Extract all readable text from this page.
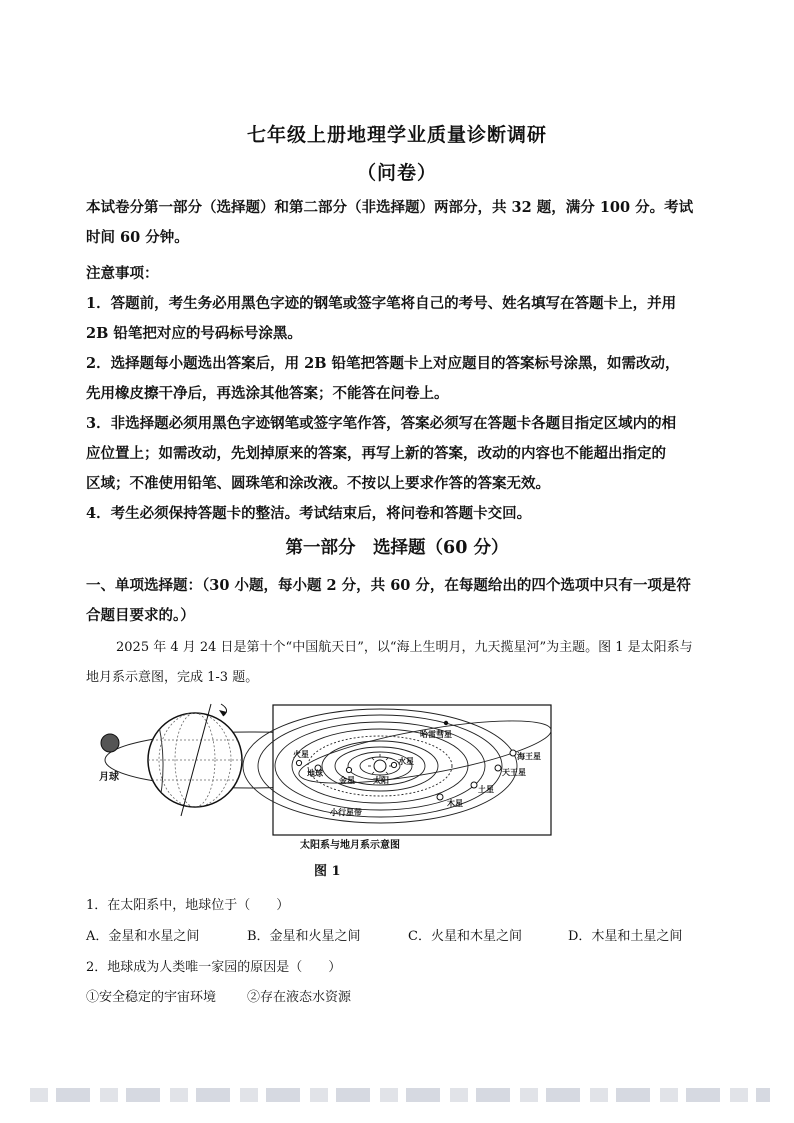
七年级上册地理学业质量诊断调研
（问卷）
本试卷分第一部分（选择题）和第二部分（非选择题）两部分，共 32 题，满分 100 分。考试
时间 60 分钟。
注意事项：
1．答题前，考生务必用黑色字迹的钢笔或签字笔将自己的考号、姓名填写在答题卡上，并用
2B 铅笔把对应的号码标号涂黑。
2．选择题每小题选出答案后，用 2B 铅笔把答题卡上对应题目的答案标号涂黑，如需改动，
先用橡皮擦干净后，再选涂其他答案；不能答在问卷上。
3．非选择题必须用黑色字迹钢笔或签字笔作答，答案必须写在答题卡各题目指定区域内的相
应位置上；如需改动，先划掉原来的答案，再写上新的答案，改动的内容也不能超出指定的
区域；不准使用铅笔、圆珠笔和涂改液。不按以上要求作答的答案无效。
4．考生必须保持答题卡的整洁。考试结束后，将问卷和答题卡交回。
第一部分　选择题（60 分）
一、单项选择题：（30 小题，每小题 2 分，共 60 分，在每题给出的四个选项中只有一项是符
合题目要求的。）
2025 年 4 月 24 日是第十个“中国航天日”，以“海上生明月，九天揽星河”为主题。图 1 是太阳系与
地月系示意图，完成 1-3 题。
月球
哈雷彗星
火星
地球
金星
水星
太阳
小行星带
木星
土星
天王星
海王星
太阳系与地月系示意图
图 1
1．在太阳系中，地球位于（　　）
A．金星和水星之间	B．金星和火星之间	C．火星和木星之间	D．木星和土星之间
2．地球成为人类唯一家园的原因是（　　）
①安全稳定的宇宙环境 ②存在液态水资源
